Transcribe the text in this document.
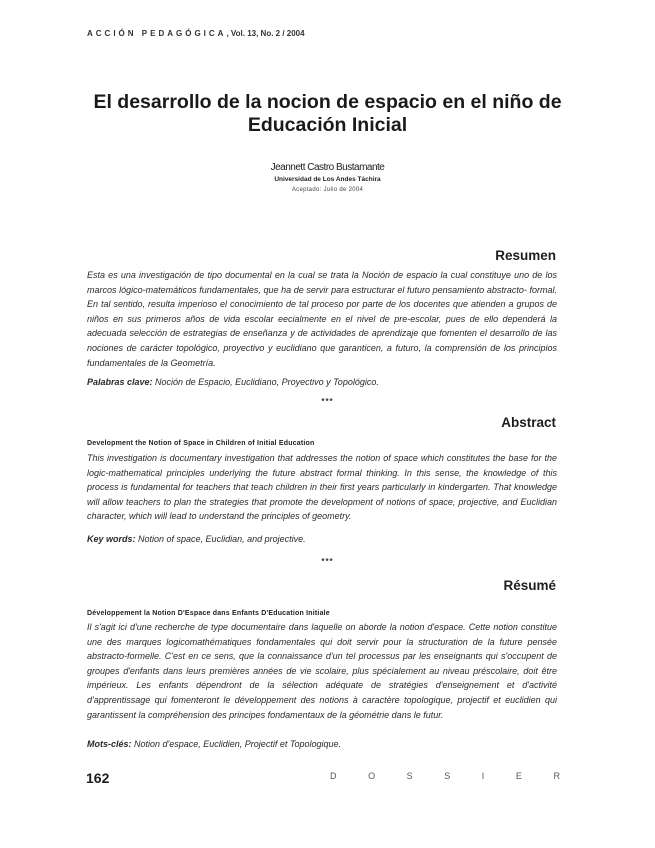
ACCIÓN PEDAGÓGICA, Vol. 13, No. 2 / 2004
El desarrollo de la nocion de espacio en el niño de Educación Inicial
Jeannett Castro Bustamante
Universidad de Los Andes Táchira
Aceptado: Julio de 2004
Resumen
Esta es una investigación de tipo documental en la cual se trata la Noción de espacio la cual constituye uno de los marcos lógico-matemáticos fundamentales, que ha de servir para estructurar el futuro pensamiento abstracto- formal. En tal sentido, resulta imperioso el conocimiento de tal proceso por parte de los docentes que atienden a grupos de niños en sus primeros años de vida escolar eecialmente en el nivel de pre-escolar, pues de ello dependerá la adecuada selección de estrategias de enseñanza y de actividades de aprendizaje que fomenten el desarrollo de las nociones de carácter topológico, proyectivo y euclidiano que garanticen, a futuro, la comprensión de los principios fundamentales de la Geometría.
Palabras clave: Noción de Espacio, Euclidiano, Proyectivo y Topológico.
***
Abstract
Development the Notion of Space in Children of Initial Education
This investigation is documentary investigation that addresses the notion of space which constitutes the base for the logic-mathematical principles underlying the future abstract formal thinking. In this sense, the knowledge of this process is fundamental for teachers that teach children in their first years particularly in kindergarten. That knowledge will allow teachers to plan the strategies that promote the development of notions of space, projective, and Euclidian character, which will lead to understand the principles of geometry.
Key words: Notion of space, Euclidian, and projective.
***
Résumé
Développement la Notion D'Espace dans Enfants D'Education Initiale
Il s'agit ici d'une recherche de type documentaire dans laquelle on aborde la notion d'espace. Cette notion constitue une des marques logicomathématiques fondamentales qui doit servir pour la structuration de la future pensée abstracto-formelle. C'est en ce sens, que la connaissance d'un tel processus par les enseignants qui s'occupent de groupes d'enfants dans leurs premières années de vie scolaire, plus spécialement au niveau préscolaire, doit être impérieux. Les enfants dépendront de la sélection adéquate de stratégies d'enseignement et d'activité d'apprentissage qui fomenteront le développement des notions à caractère topologique, projectif et euclidien qui garantissent la compréhension des principes fondamentaux de la géométrie dans le futur.
Mots-clés: Notion d'espace, Euclidien, Projectif et Topologique.
162	D	O	S	S	I	E	R
